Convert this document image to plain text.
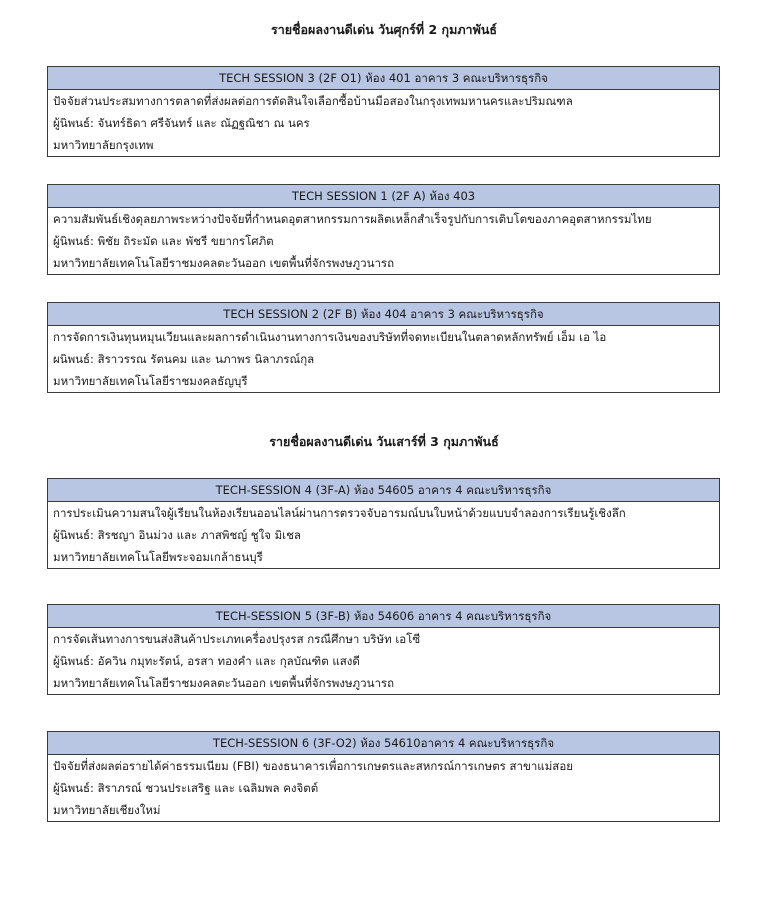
รายชื่อผลงานดีเด่น วันศุกร์ที่ 2 กุมภาพันธ์
TECH SESSION 3 (2F O1) ห้อง 401 อาคาร 3 คณะบริหารธุรกิจ
ปัจจัยส่วนประสมทางการตลาดที่ส่งผลต่อการตัดสินใจเลือกซื้อบ้านมือสองในกรุงเทพมหานครและปริมณฑล
ผู้นิพนธ์: จันทร์ธิดา ศรีจันทร์ และ ณัฏฐณิชา ณ นคร
มหาวิทยาลัยกรุงเทพ
TECH SESSION 1 (2F A) ห้อง 403
ความสัมพันธ์เชิงดุลยภาพระหว่างปัจจัยที่กำหนดอุตสาหกรรมการผลิตเหล็กสำเร็จรูปกับการเติบโตของภาคอุตสาหกรรมไทย
ผู้นิพนธ์: พิชัย ถิระมัด และ พัชรี ขยากรโศภิต
มหาวิทยาลัยเทคโนโลยีราชมงคลตะวันออก เขตพื้นที่จักรพงษภูวนารถ
TECH SESSION 2 (2F B) ห้อง 404 อาคาร 3 คณะบริหารธุรกิจ
การจัดการเงินทุนหมุนเวียนและผลการดำเนินงานทางการเงินของบริษัทที่จดทะเบียนในตลาดหลักทรัพย์ เอ็ม เอ ไอ
ผนิพนธ์: สิราวรรณ รัตนคม และ นภาพร นิลาภรณ์กุล
มหาวิทยาลัยเทคโนโลยีราชมงคลธัญบุรี
รายชื่อผลงานดีเด่น วันเสาร์ที่ 3 กุมภาพันธ์
TECH-SESSION 4 (3F-A) ห้อง 54605 อาคาร 4 คณะบริหารธุรกิจ
การประเมินความสนใจผู้เรียนในห้องเรียนออนไลน์ผ่านการตรวจจับอารมณ์บนใบหน้าด้วยแบบจำลองการเรียนรู้เชิงลึก
ผู้นิพนธ์: สิรชญา อินม่วง และ ภาสพิชญ์ ชูใจ มิเชล
มหาวิทยาลัยเทคโนโลยีพระจอมเกล้าธนบุรี
TECH-SESSION 5 (3F-B) ห้อง 54606 อาคาร 4 คณะบริหารธุรกิจ
การจัดเส้นทางการขนส่งสินค้าประเภทเครื่องปรุงรส กรณีศึกษา บริษัท เอโซี
ผู้นิพนธ์: อัควิน กมุทะรัตน์, อรสา ทองคำ และ กุลบัณฑิต แสงดี
มหาวิทยาลัยเทคโนโลยีราชมงคลตะวันออก เขตพื้นที่จักรพงษภูวนารถ
TECH-SESSION 6 (3F-O2) ห้อง 54610อาคาร 4 คณะบริหารธุรกิจ
ปัจจัยที่ส่งผลต่อรายได้ค่าธรรมเนียม (FBI) ของธนาคารเพื่อการเกษตรและสหกรณ์การเกษตร สาขาแม่สอย
ผู้นิพนธ์: สิราภรณ์ ชวนประเสริฐ และ เฉลิมพล คงจิตต์
มหาวิทยาลัยเชียงใหม่
